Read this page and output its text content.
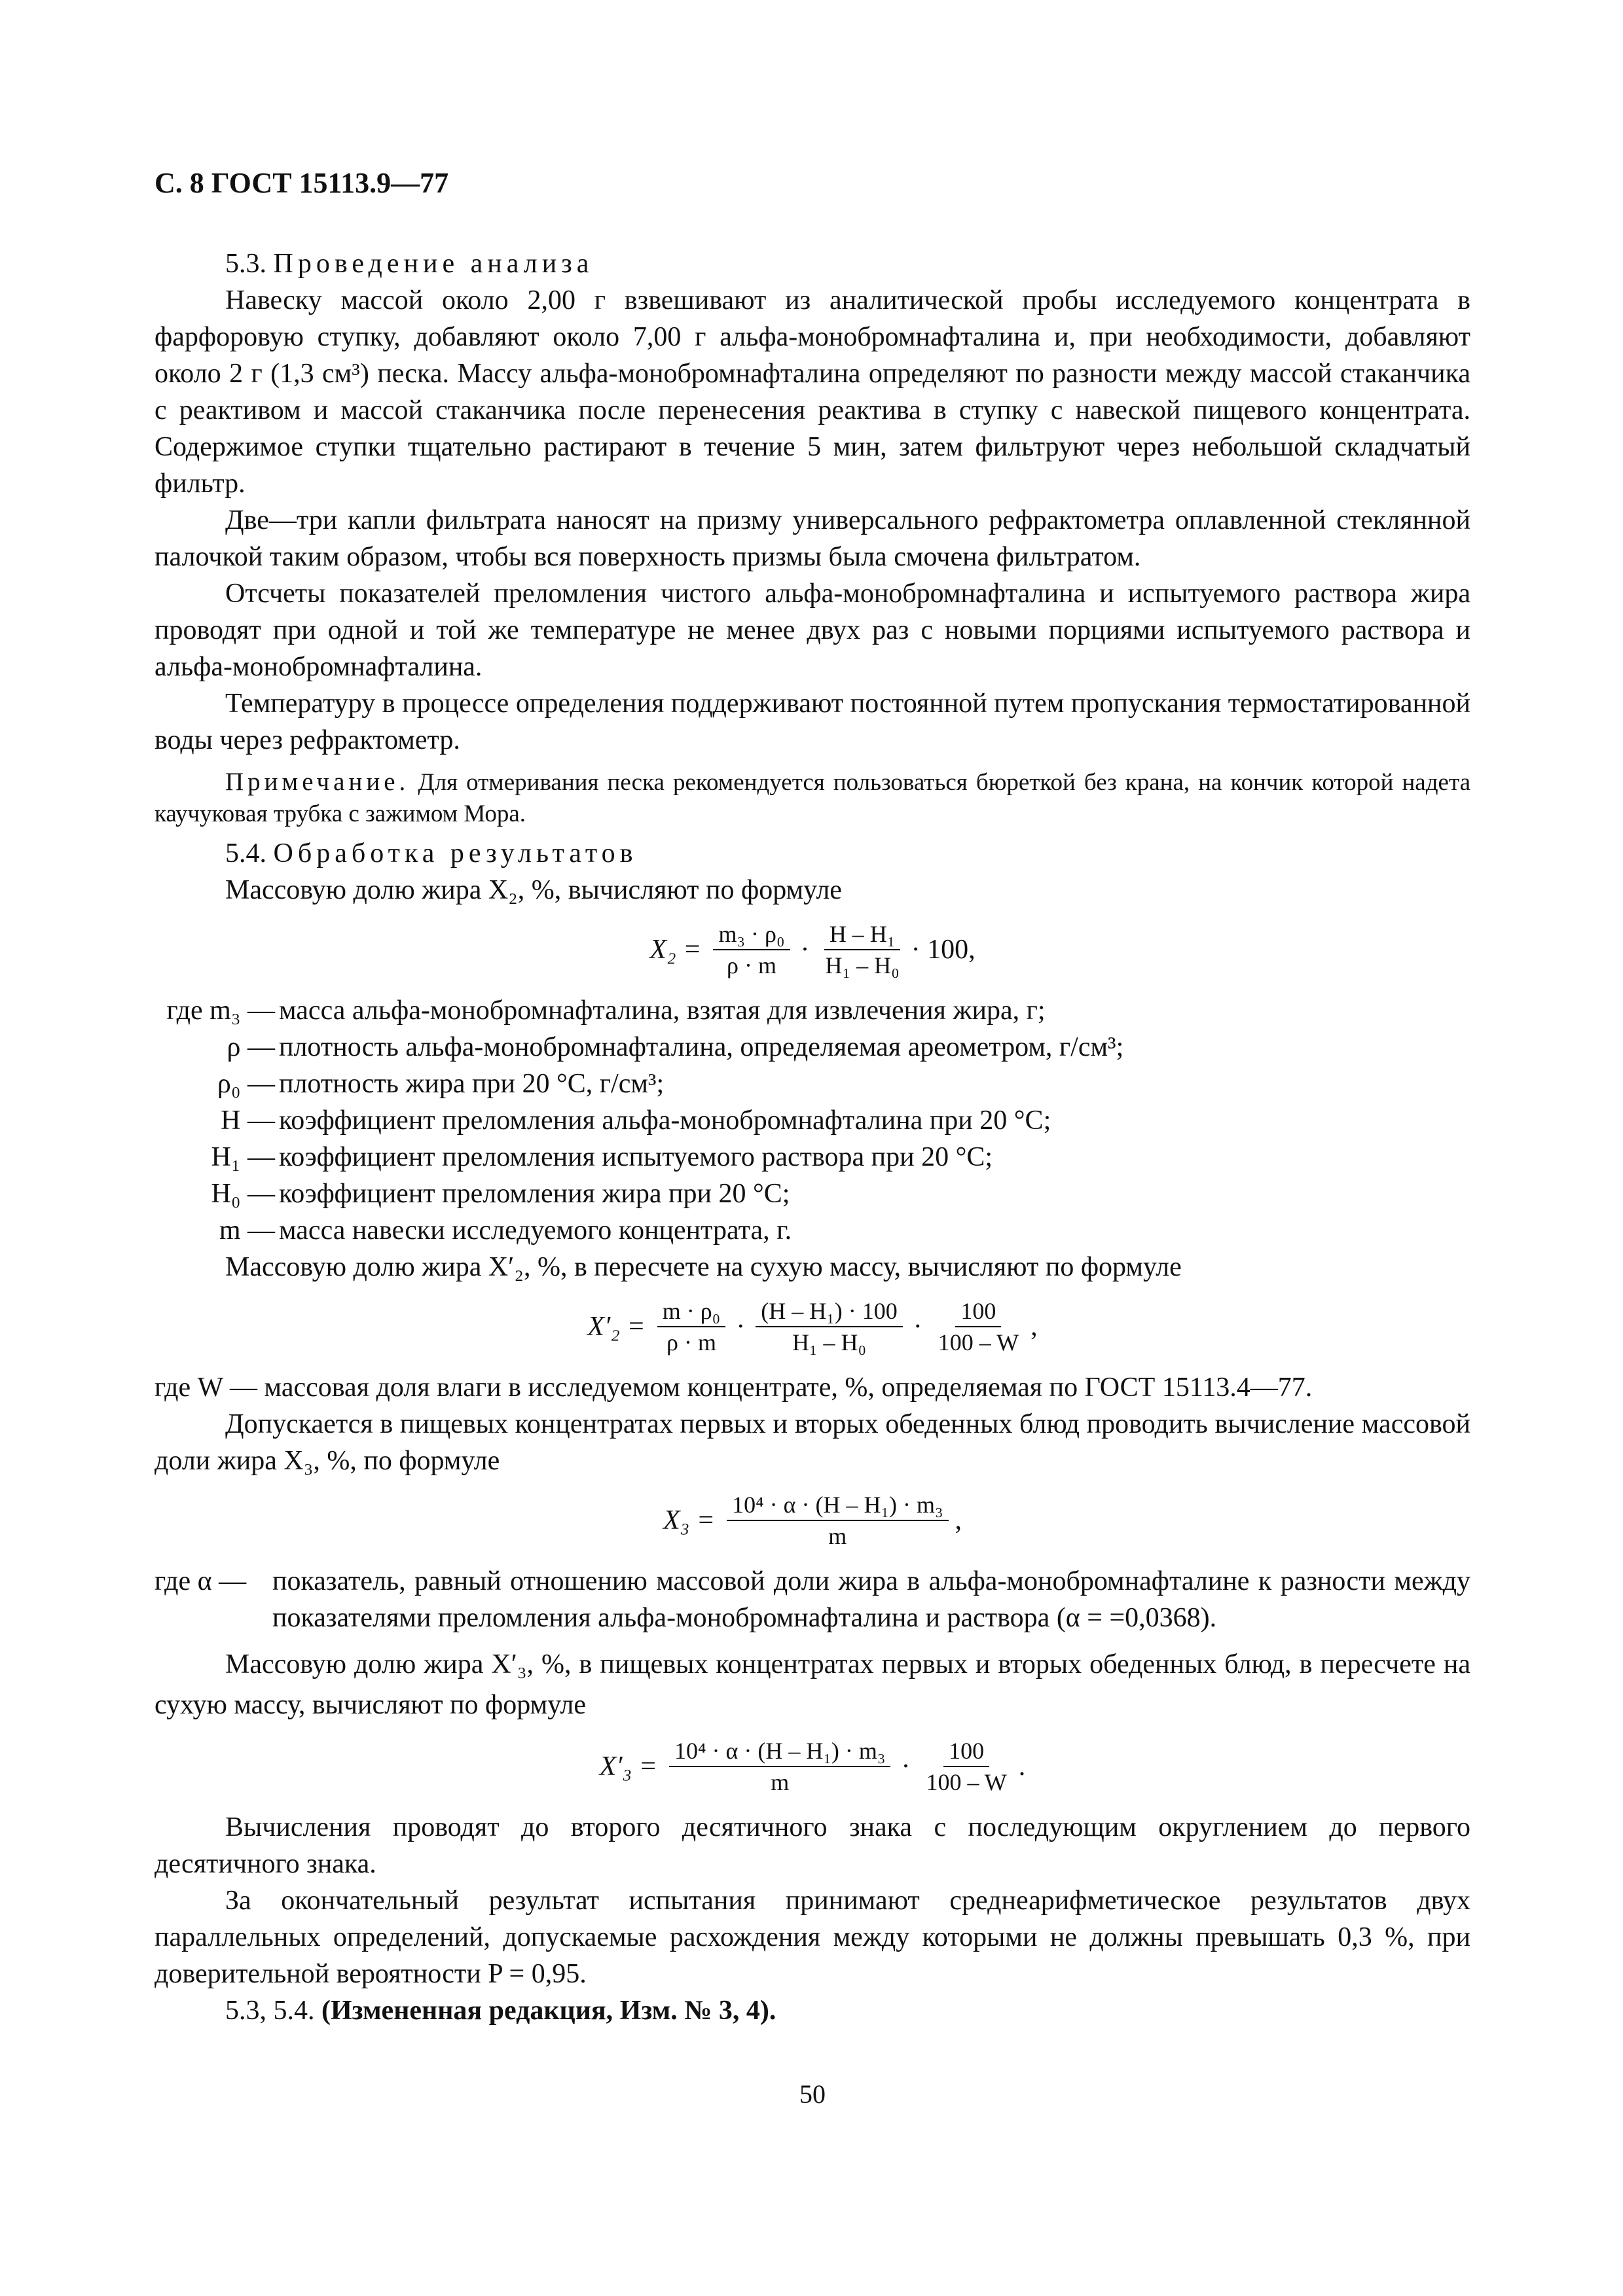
С. 8 ГОСТ 15113.9—77
5.3. Проведение анализа

Навеску массой около 2,00 г взвешивают из аналитической пробы исследуемого концентрата в фарфоровую ступку, добавляют около 7,00 г альфа-монобромнафталина и, при необходимости, добавляют около 2 г (1,3 см³) песка. Массу альфа-монобромнафталина определяют по разности между массой стаканчика с реактивом и массой стаканчика после перенесения реактива в ступку с навеской пищевого концентрата. Содержимое ступки тщательно растирают в течение 5 мин, затем фильтруют через небольшой складчатый фильтр.

Две—три капли фильтрата наносят на призму универсального рефрактометра оплавленной стеклянной палочкой таким образом, чтобы вся поверхность призмы была смочена фильтратом.

Отсчеты показателей преломления чистого альфа-монобромнафталина и испытуемого раствора жира проводят при одной и той же температуре не менее двух раз с новыми порциями испытуемого раствора и альфа-монобромнафталина.

Температуру в процессе определения поддерживают постоянной путем пропускания термостатированной воды через рефрактометр.

Примечание. Для отмеривания песка рекомендуется пользоваться бюреткой без крана, на кончик которой надета каучуковая трубка с зажимом Мора.

5.4. Обработка результатов

Массовую долю жира X₂, %, вычисляют по формуле

$X_2 = \frac{\text{m₃ · ρ₀}}{\rho \cdot m} \cdot \frac{\text{H – H₁}}{\text{H₁ – H₀}} \cdot 100$,
где m₃ — масса альфа-монобромнафталина, взятая для извлечения жира, г;
ρ — плотность альфа-монобромнафталина, определяемая ареометром, г/см³;
ρ₀ — плотность жира при 20 °С, г/см³;
H — коэффициент преломления альфа-монобромнафталина при 20 °С;
H₁ — коэффициент преломления испытуемого раствора при 20 °С;
H₀ — коэффициент преломления жира при 20 °С;
m — масса навески исследуемого концентрата, г.

Массовую долю жира X′₂, %, в пересчете на сухую массу, вычисляют по формуле

$X'_2 = \frac{\text{m · ρ₀}}{\rho \cdot m} \cdot \frac{\text{(H – H₁) · 100}}{\text{H₁ – H₀}} \cdot \frac{100}{100 - W}$ ,

где W — массовая доля влаги в исследуемом концентрате, %, определяемая по ГОСТ 15113.4—77.

Допускается в пищевых концентратах первых и вторых обеденных блюд проводить вычисление массовой доли жира X₃, %, по формуле

$X_3 = \frac{\text{10⁴ · α · (H – H₁) · m₃}}{m}$ ,
где α — показатель, равный отношению массовой доли жира в альфа-монобромнафталине к разности между показателями преломления альфа-монобромнафталина и раствора (α = =0,0368).

Массовую долю жира X′₃, %, в пищевых концентратах первых и вторых обеденных блюд, в пересчете на сухую массу, вычисляют по формуле

$X'_3 = \frac{\text{10⁴ · α · (H – H₁) · m₃}}{m} \cdot \frac{100}{100 - W}$ .

Вычисления проводят до второго десятичного знака с последующим округлением до первого десятичного знака.

За окончательный результат испытания принимают среднеарифметическое результатов двух параллельных определений, допускаемые расхождения между которыми не должны превышать 0,3 %, при доверительной вероятности P = 0,95.

5.3, 5.4. (Измененная редакция, Изм. № 3, 4).
50
